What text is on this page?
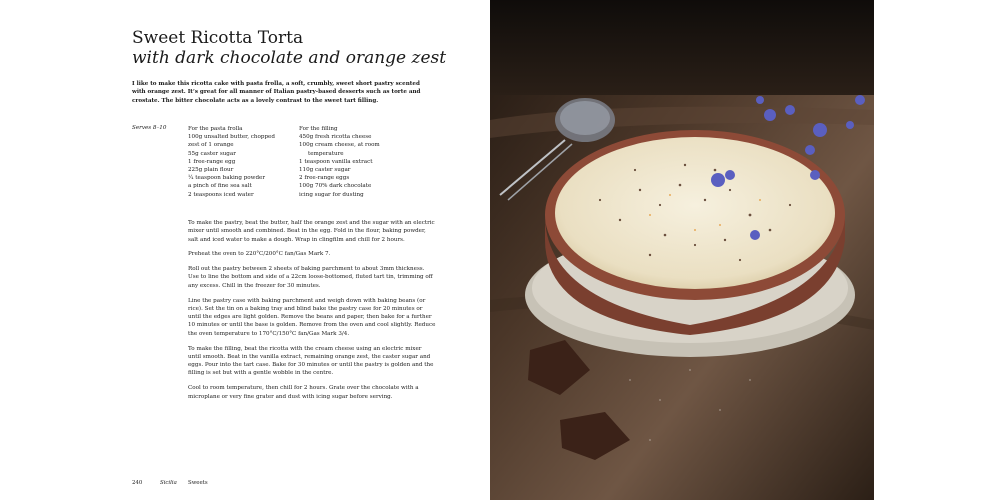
Sweet Ricotta Torta
with dark chocolate and orange zest

I like to make this ricotta cake with pasta frolla, a soft, crumbly, sweet short pastry scented with orange zest. It’s great for all manner of Italian pastry-based desserts such as torte and crostate. The bitter chocolate acts as a lovely contrast to the sweet tart filling.

Serves 8–10	For the pasta frolla
100g unsalted butter, chopped
zest of 1 orange
55g caster sugar
1 free-range egg
225g plain flour
¼ teaspoon baking powder
a pinch of fine sea salt
2 teaspoons iced water
For the filling
450g fresh ricotta cheese
100g cream cheese, at room
temperature
1 teaspoon vanilla extract
110g caster sugar
2 free-range eggs
100g 70% dark chocolate
icing sugar for dusting

To make the pastry, beat the butter, half the orange zest and the sugar with an electric mixer until smooth and combined. Beat in the egg. Fold in the flour, baking powder, salt and iced water to make a dough. Wrap in clingfilm and chill for 2 hours.

Preheat the oven to 220°C/200°C fan/Gas Mark 7.

Roll out the pastry between 2 sheets of baking parchment to about 3mm thickness. Use to line the bottom and side of a 22cm loose-bottomed, fluted tart tin, trimming off any excess. Chill in the freezer for 30 minutes.

Line the pastry case with baking parchment and weigh down with baking beans (or rice). Set the tin on a baking tray and blind bake the pastry case for 20 minutes or until the edges are light golden. Remove the beans and paper, then bake for a further 10 minutes or until the base is golden. Remove from the oven and cool slightly. Reduce the oven temperature to 170°C/150°C fan/Gas Mark 3/4.

To make the filling, beat the ricotta with the cream cheese using an electric mixer until smooth. Beat in the vanilla extract, remaining orange zest, the caster sugar and eggs. Pour into the tart case. Bake for 30 minutes or until the pastry is golden and the filling is set but with a gentle wobble in the centre.

Cool to room temperature, then chill for 2 hours. Grate over the chocolate with a microplane or very fine grater and dust with icing sugar before serving.

240	Sicilia Sweets
